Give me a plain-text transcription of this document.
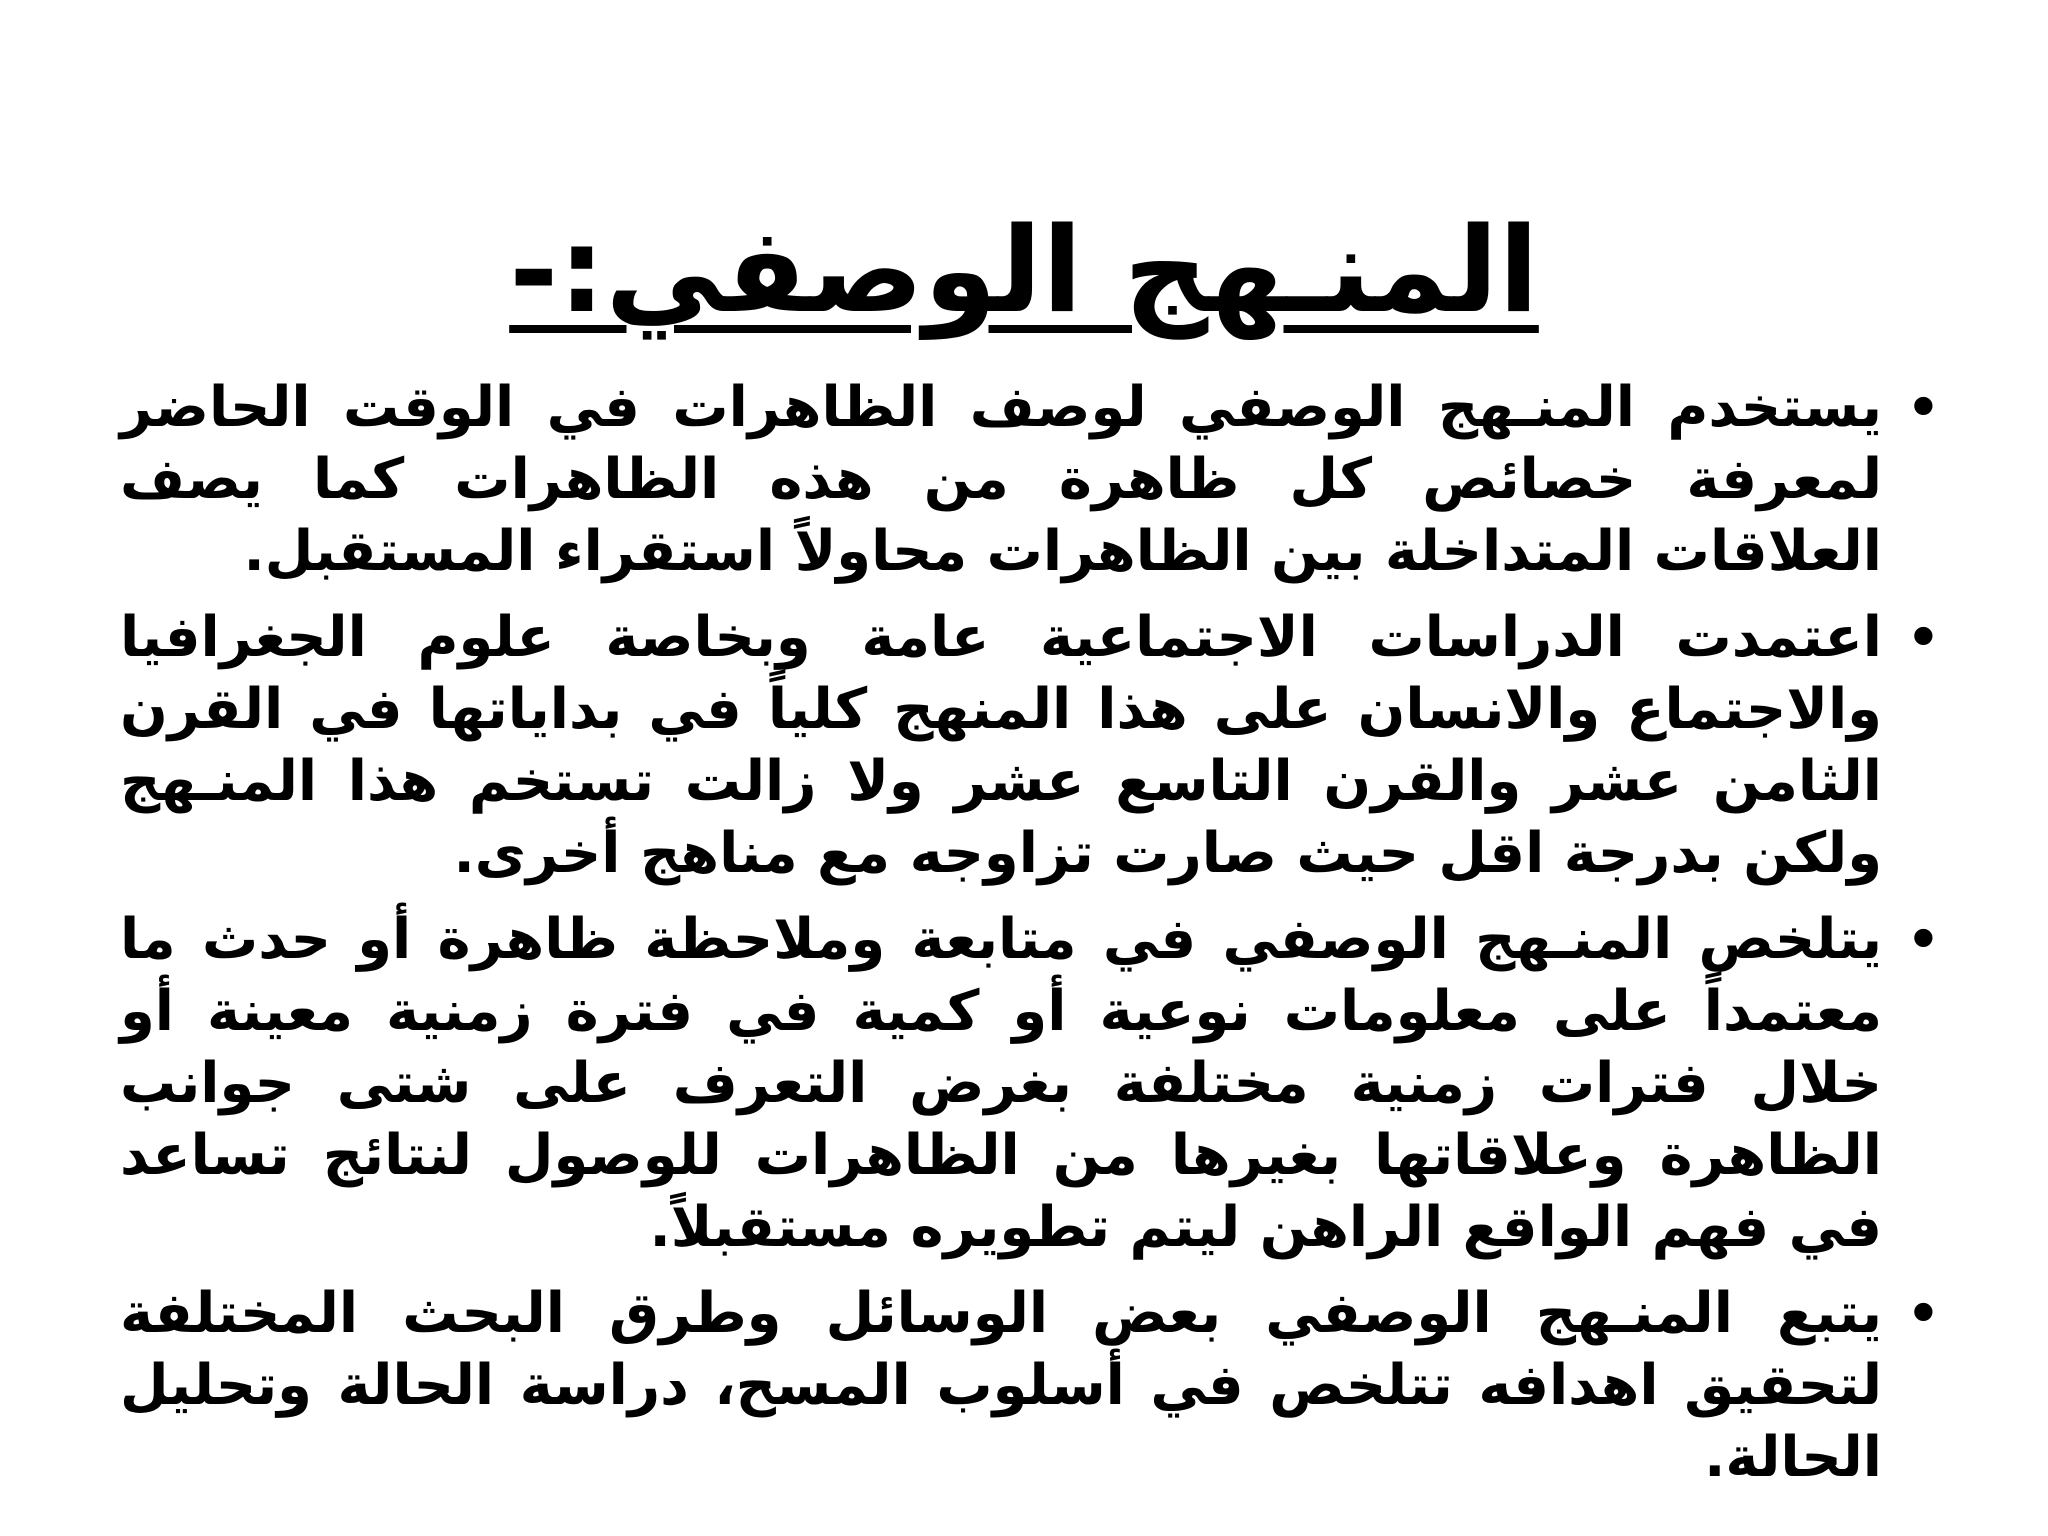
المنـهج الوصفي:-
•
يستخدم المنـهج الوصفي لوصف الظاهرات في الوقت الحاضر لمعرفة خصائص كل ظاهرة من هذه الظاهرات كما يصف العلاقات المتداخلة بين الظاهرات محاولاً استقراء المستقبل.
•
اعتمدت الدراسات الاجتماعية عامة وبخاصة علوم الجغرافيا والاجتماع والانسان على هذا المنهج كلياً في بداياتها في القرن الثامن عشر والقرن التاسع عشر ولا زالت تستخم هذا المنـهج ولكن بدرجة اقل حيث صارت تزاوجه مع مناهج أخرى.
•
يتلخص المنـهج الوصفي في متابعة وملاحظة ظاهرة أو حدث ما معتمداً على معلومات نوعية أو كمية في فترة زمنية معينة أو خلال فترات زمنية مختلفة بغرض التعرف على شتى جوانب الظاهرة وعلاقاتها بغيرها من الظاهرات للوصول لنتائج تساعد في فهم الواقع الراهن ليتم تطويره مستقبلاً.
•
يتبع المنـهج الوصفي بعض الوسائل وطرق البحث المختلفة لتحقيق اهدافه تتلخص في أسلوب المسح، دراسة الحالة وتحليل الحالة.
